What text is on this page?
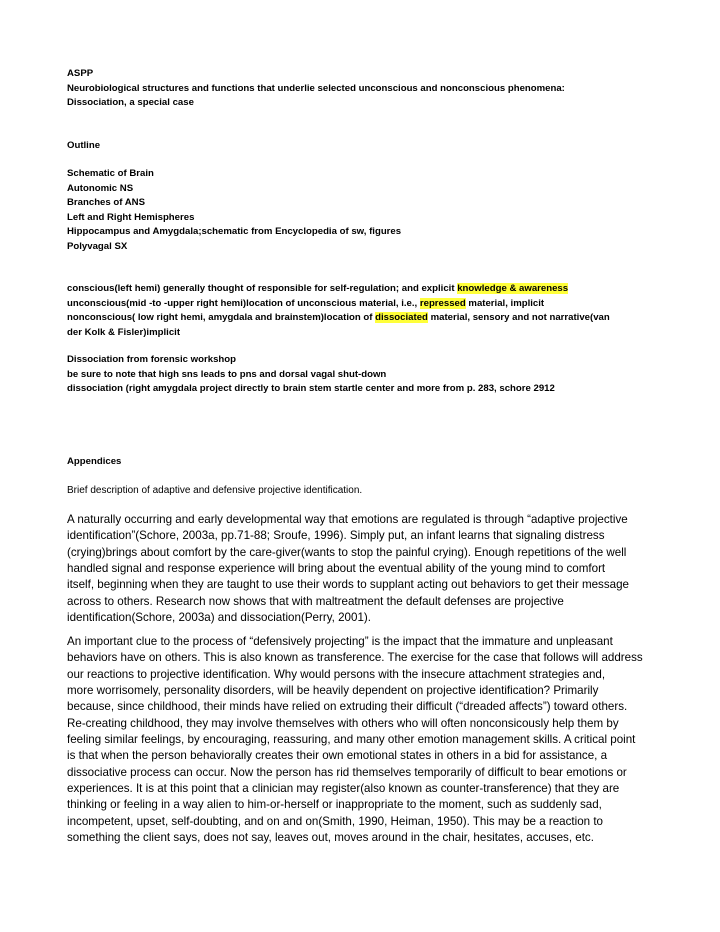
ASPP
Neurobiological structures and functions that underlie selected unconscious and nonconscious phenomena:
Dissociation, a special case
Outline
Schematic of Brain
Autonomic NS
Branches of ANS
Left and Right Hemispheres
Hippocampus and Amygdala;schematic from Encyclopedia of sw, figures
Polyvagal SX
conscious(left hemi) generally thought of responsible for self-regulation; and explicit knowledge & awareness
unconscious(mid -to -upper right hemi)location of unconscious material, i.e., repressed material, implicit
nonconscious( low right hemi, amygdala and brainstem)location of dissociated material, sensory and not narrative(van
der Kolk & Fisler)implicit
Dissociation from forensic workshop
be sure to note that high sns leads to pns and dorsal vagal shut-down
dissociation (right amygdala project directly to brain stem startle center and more from p. 283, schore 2912
Appendices
Brief description of adaptive and defensive projective identification.
A naturally occurring and early developmental way that emotions are regulated is through “adaptive projective
identification”(Schore, 2003a, pp.71-88; Sroufe, 1996). Simply put, an infant learns that signaling distress
(crying)brings about comfort by the care-giver(wants to stop the painful crying). Enough repetitions of the well
handled signal and response experience will bring about the eventual ability of the young mind to comfort
itself, beginning when they are taught to use their words to supplant acting out behaviors to get their message
across to others. Research now shows that with maltreatment the default defenses are projective
identification(Schore, 2003a) and dissociation(Perry, 2001).
An important clue to the process of “defensively projecting” is the impact that the immature and unpleasant
behaviors have on others. This is also known as transference. The exercise for the case that follows will address
our reactions to projective identification. Why would persons with the insecure attachment strategies and,
more worrisomely, personality disorders, will be heavily dependent on projective identification? Primarily
because, since childhood, their minds have relied on extruding their difficult (“dreaded affects”) toward others.
Re-creating childhood, they may involve themselves with others who will often nonconsicously help them by
feeling similar feelings, by encouraging, reassuring, and many other emotion management skills. A critical point
is that when the person behaviorally creates their own emotional states in others in a bid for assistance, a
dissociative process can occur. Now the person has rid themselves temporarily of difficult to bear emotions or
experiences. It is at this point that a clinician may register(also known as counter-transference) that they are
thinking or feeling in a way alien to him-or-herself or inappropriate to the moment, such as suddenly sad,
incompetent, upset, self-doubting, and on and on(Smith, 1990, Heiman, 1950). This may be a reaction to
something the client says, does not say, leaves out, moves around in the chair, hesitates, accuses, etc.
